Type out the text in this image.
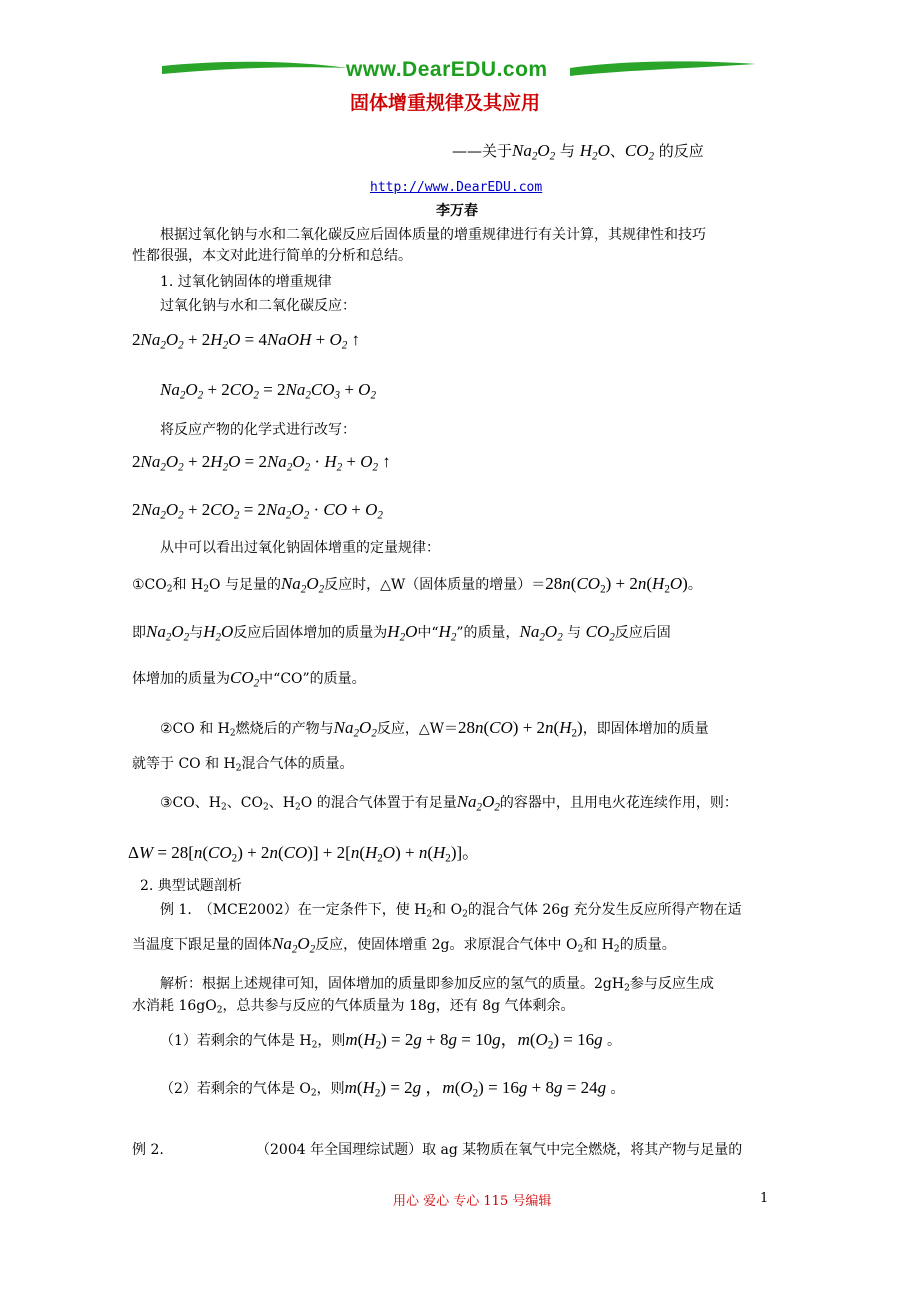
www.DearEDU.com
固体增重规律及其应用
——关于$Na_2O_2$ 与 $H_2O$、$CO_2$ 的反应
http://www.DearEDU.com
李万春
根据过氧化钠与水和二氧化碳反应后固体质量的增重规律进行有关计算，其规律性和技巧
性都很强，本文对此进行简单的分析和总结。
1. 过氧化钠固体的增重规律
过氧化钠与水和二氧化碳反应：
$2Na_2O_2 + 2H_2O$ = 4NaOH + $O_2$ ↑
$Na_2O_2 + 2CO_2 = 2Na_2CO_3 + O_2$
将反应产物的化学式进行改写：
$2Na_2O_2 + 2H_2O = 2Na_2O_2 \cdot H_2 + O_2$ ↑
$2Na_2O_2 + 2CO_2 = 2Na_2O_2$ · CO + $O_2$
从中可以看出过氧化钠固体增重的定量规律：
$①CO_2$和 $H_2O$ 与足量的$Na_2O_2$反应时，△W（固体质量的增量）$=28n(CO_2) + 2n(H_2O)$。
即$Na_2O_2$与$H_2O$反应后固体增加的质量为$H_2O$中“$H_2$”的质量，$Na_2O_2$ 与 $CO_2$反应后固
体增加的质量为$CO_2$中“CO”的质量。
②CO 和 $H_2$燃烧后的产物与$Na_2O_2$反应，△W＝28n(CO) + $2n(H_2)$，即固体增加的质量
就等于 CO 和 $H_2$混合气体的质量。
③CO、$H_2$、$CO_2$、$H_2O$ 的混合气体置于有足量$Na_2O_2$的容器中，且用电火花连续作用，则：
$\Delta W = 28[n(CO_2) + 2n(CO)] + 2[n(H_2O) + n(H_2)]$。
2. 典型试题剖析
例 1.　（MCE2002）在一定条件下，使 $H_2$和 $O_2$的混合气体 26g 充分发生反应所得产物在适
当温度下跟足量的固体$Na_2O_2$反应，使固体增重 2g。求原混合气体中 $O_2$和 $H_2$的质量。
解析：根据上述规律可知，固体增加的质量即参加反应的氢气的质量。$2gH_2$参与反应生成
水消耗 $16gO_2$，总共参与反应的气体质量为 18g，还有 8g 气体剩余。
（1）若剩余的气体是 $H_2$，则$m(H_2) = 2g + 8g = 10g$，$m(O_2) = 16g$ 。
（2）若剩余的气体是 $O_2$，则$m(H_2) = 2g$ ，$m(O_2) = 16g + 8g = 24g$ 。
例 2.	（2004 年全国理综试题）取 ag 某物质在氧气中完全燃烧，将其产物与足量的
用心 爱心 专心 115 号编辑	1
